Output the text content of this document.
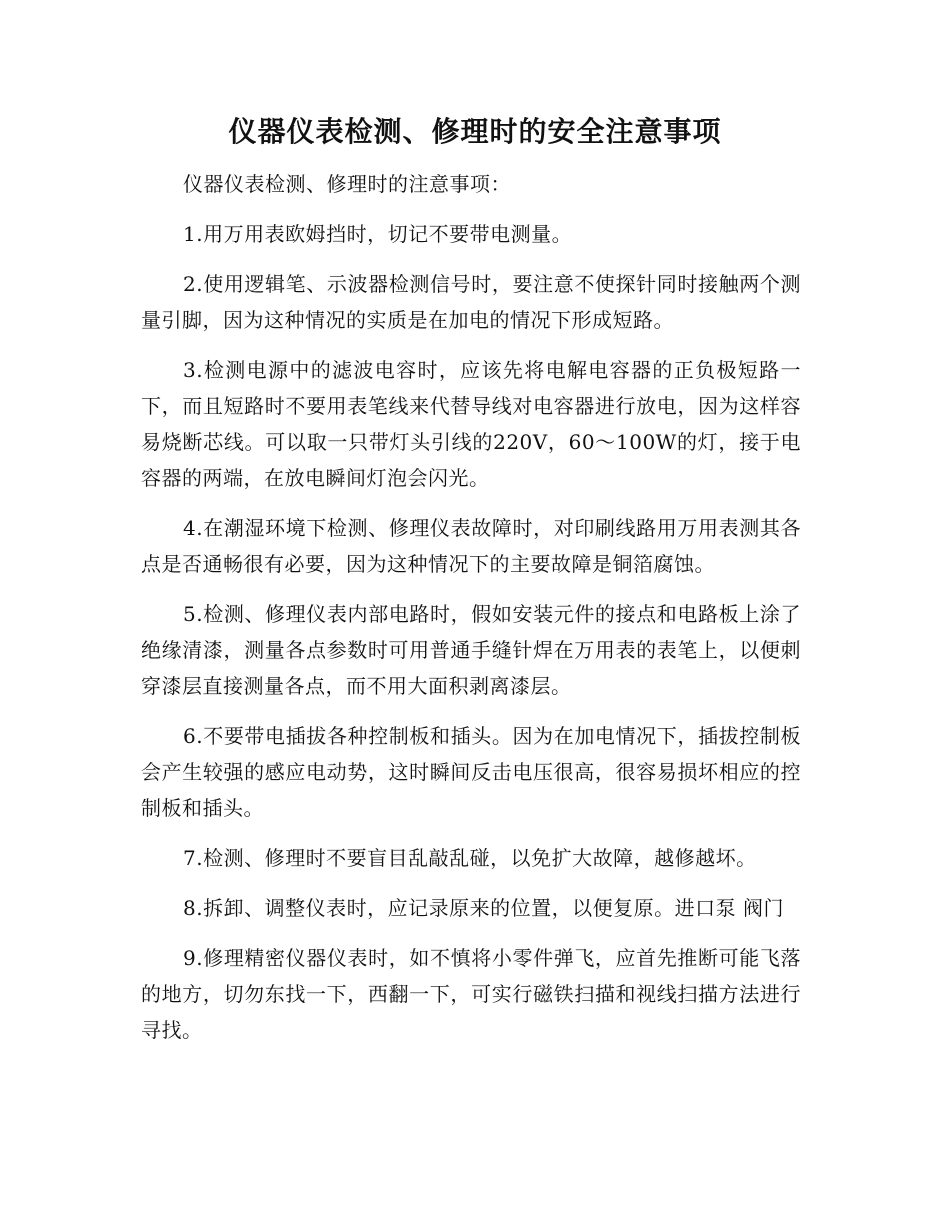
仪器仪表检测、修理时的安全注意事项

仪器仪表检测、修理时的注意事项：

1.用万用表欧姆挡时，切记不要带电测量。

2.使用逻辑笔、示波器检测信号时，要注意不使探针同时接触两个测量引脚，因为这种情况的实质是在加电的情况下形成短路。

3.检测电源中的滤波电容时，应该先将电解电容器的正负极短路一下，而且短路时不要用表笔线来代替导线对电容器进行放电，因为这样容易烧断芯线。可以取一只带灯头引线的220V，60～100W的灯，接于电容器的两端，在放电瞬间灯泡会闪光。

4.在潮湿环境下检测、修理仪表故障时，对印刷线路用万用表测其各点是否通畅很有必要，因为这种情况下的主要故障是铜箔腐蚀。

5.检测、修理仪表内部电路时，假如安装元件的接点和电路板上涂了绝缘清漆，测量各点参数时可用普通手缝针焊在万用表的表笔上，以便刺穿漆层直接测量各点，而不用大面积剥离漆层。

6.不要带电插拔各种控制板和插头。因为在加电情况下，插拔控制板会产生较强的感应电动势，这时瞬间反击电压很高，很容易损坏相应的控制板和插头。

7.检测、修理时不要盲目乱敲乱碰，以免扩大故障，越修越坏。

8.拆卸、调整仪表时，应记录原来的位置，以便复原。进口泵 阀门

9.修理精密仪器仪表时，如不慎将小零件弹飞，应首先推断可能飞落的地方，切勿东找一下，西翻一下，可实行磁铁扫描和视线扫描方法进行寻找。
